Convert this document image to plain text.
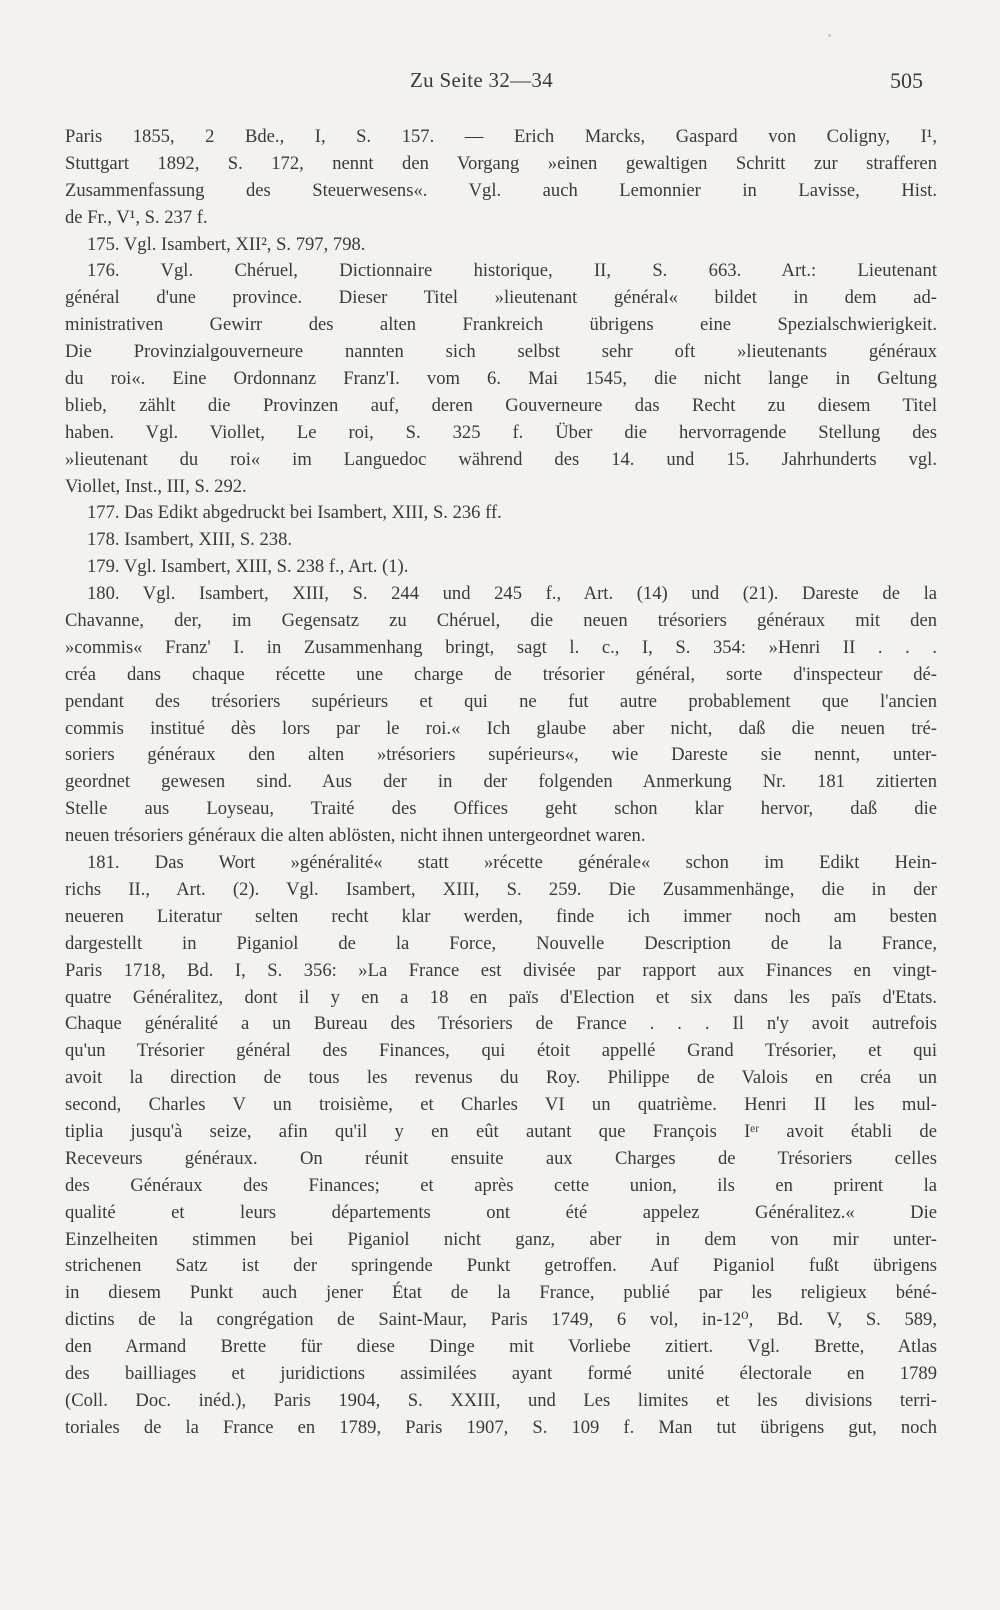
Zu Seite 32—34	505
Paris 1855, 2 Bde., I, S. 157. — Erich Marcks, Gaspard von Coligny, I¹,
Stuttgart 1892, S. 172, nennt den Vorgang »einen gewaltigen Schritt zur strafferen
Zusammenfassung des Steuerwesens«. Vgl. auch Lemonnier in Lavisse, Hist.
de Fr., V¹, S. 237 f.
175. Vgl. Isambert, XII², S. 797, 798.
176. Vgl. Chéruel, Dictionnaire historique, II, S. 663. Art.: Lieutenant
général d'une province. Dieser Titel »lieutenant général« bildet in dem ad-
ministrativen Gewirr des alten Frankreich übrigens eine Spezialschwierigkeit.
Die Provinzialgouverneure nannten sich selbst sehr oft »lieutenants généraux
du roi«. Eine Ordonnanz Franz'I. vom 6. Mai 1545, die nicht lange in Geltung
blieb, zählt die Provinzen auf, deren Gouverneure das Recht zu diesem Titel
haben. Vgl. Viollet, Le roi, S. 325 f. Über die hervorragende Stellung des
»lieutenant du roi« im Languedoc während des 14. und 15. Jahrhunderts vgl.
Viollet, Inst., III, S. 292.
177. Das Edikt abgedruckt bei Isambert, XIII, S. 236 ff.
178. Isambert, XIII, S. 238.
179. Vgl. Isambert, XIII, S. 238 f., Art. (1).
180. Vgl. Isambert, XIII, S. 244 und 245 f., Art. (14) und (21). Dareste de la
Chavanne, der, im Gegensatz zu Chéruel, die neuen trésoriers généraux mit den
»commis« Franz' I. in Zusammenhang bringt, sagt l. c., I, S. 354: »Henri II . . .
créa dans chaque récette une charge de trésorier général, sorte d'inspecteur dé-
pendant des trésoriers supérieurs et qui ne fut autre probablement que l'ancien
commis institué dès lors par le roi.« Ich glaube aber nicht, daß die neuen tré-
soriers généraux den alten »trésoriers supérieurs«, wie Dareste sie nennt, unter-
geordnet gewesen sind. Aus der in der folgenden Anmerkung Nr. 181 zitierten
Stelle aus Loyseau, Traité des Offices geht schon klar hervor, daß die
neuen trésoriers généraux die alten ablösten, nicht ihnen untergeordnet waren.
181. Das Wort »généralité« statt »récette générale« schon im Edikt Hein-
richs II., Art. (2). Vgl. Isambert, XIII, S. 259. Die Zusammenhänge, die in der
neueren Literatur selten recht klar werden, finde ich immer noch am besten
dargestellt in Piganiol de la Force, Nouvelle Description de la France,
Paris 1718, Bd. I, S. 356: »La France est divisée par rapport aux Finances en vingt-
quatre Généralitez, dont il y en a 18 en païs d'Election et six dans les païs d'Etats.
Chaque généralité a un Bureau des Trésoriers de France . . . Il n'y avoit autrefois
qu'un Trésorier général des Finances, qui étoit appellé Grand Trésorier, et qui
avoit la direction de tous les revenus du Roy. Philippe de Valois en créa un
second, Charles V un troisième, et Charles VI un quatrième. Henri II les mul-
tiplia jusqu'à seize, afin qu'il y en eût autant que François Iᵉʳ avoit établi de
Receveurs généraux. On réunit ensuite aux Charges de Trésoriers celles
des Généraux des Finances; et après cette union, ils en prirent la
qualité et leurs départements ont été appelez Généralitez.« Die
Einzelheiten stimmen bei Piganiol nicht ganz, aber in dem von mir unter-
strichenen Satz ist der springende Punkt getroffen. Auf Piganiol fußt übrigens
in diesem Punkt auch jener État de la France, publié par les religieux béné-
dictins de la congrégation de Saint-Maur, Paris 1749, 6 vol, in-12⁰, Bd. V, S. 589,
den Armand Brette für diese Dinge mit Vorliebe zitiert. Vgl. Brette, Atlas
des bailliages et juridictions assimilées ayant formé unité électorale en 1789
(Coll. Doc. inéd.), Paris 1904, S. XXIII, und Les limites et les divisions terri-
toriales de la France en 1789, Paris 1907, S. 109 f. Man tut übrigens gut, noch
